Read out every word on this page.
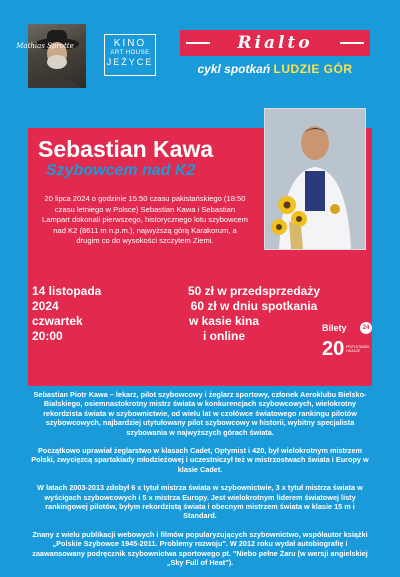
Mathias Sprotte	KINO
ART HOUSE
JEŻYCE
Rialto
cykl spotkań LUDZIE GÓR
Sebastian Kawa
Szybowcem nad K2
20 lipca 2024 o godzinie 15:50 czasu pakistańskiego (18:50 czasu letniego w Polsce) Sebastian Kawa i Sebastian Lampart dokonali pierwszego, historycznego lotu szybowcem nad K2 (8611 m n.p.m.), najwyższą górą Karakorum, a drugim co do wysokości szczytem Ziemi.
14 listopada
2024
czwartek
20:00
50 zł w przedsprzedaży
60 zł w dniu spotkania
w kasie kina
i online
Bilety	24
20 PRZYSTANEK OKAZJE

Sebastian Piotr Kawa – lekarz, pilot szybowcowy i żeglarz sportowy, członek Aeroklubu Bielsko-Bialskiego, osiemnastokrotny mistrz świata w konkurencjach szybowcowych, wielokrotny rekordzista świata w szybownictwie, od wielu lat w czołówce światowego rankingu pilotów szybowcowych, najbardziej utytułowany pilot szybowcowy w historii, wybitny specjalista szybowania w najwyższych górach świata.

Początkowo uprawiał żeglarstwo w klasach Cadet, Optymist i 420, był wielokrotnym mistrzem Polski, zwycięzcą spartakiady młodzieżowej i uczestniczył też w mistrzostwach świata i Europy w klasie Cadet.

W latach 2003-2013 zdobył 6 x tytuł mistrza świata w szybownictwie, 3 x tytuł mistrza świata w wyścigach szybowcowych i 5 x mistrza Europy. Jest wielokrotnym liderem światowej listy rankingowej pilotów, byłym rekordzistą świata i obecnym mistrzem świata w klasie 15 m i Standard.

Znany z wielu publikacji webowych i filmów popularyzujących szybownictwo, współautor książki „Polskie Szybowce 1945-2011. Problemy rozwoju". W 2012 roku wydał autobiografię i zaawansowany podręcznik szybownictwa sportowego pt. "Niebo pełne Żaru (w wersji angielskiej „Sky Full of Heat").
